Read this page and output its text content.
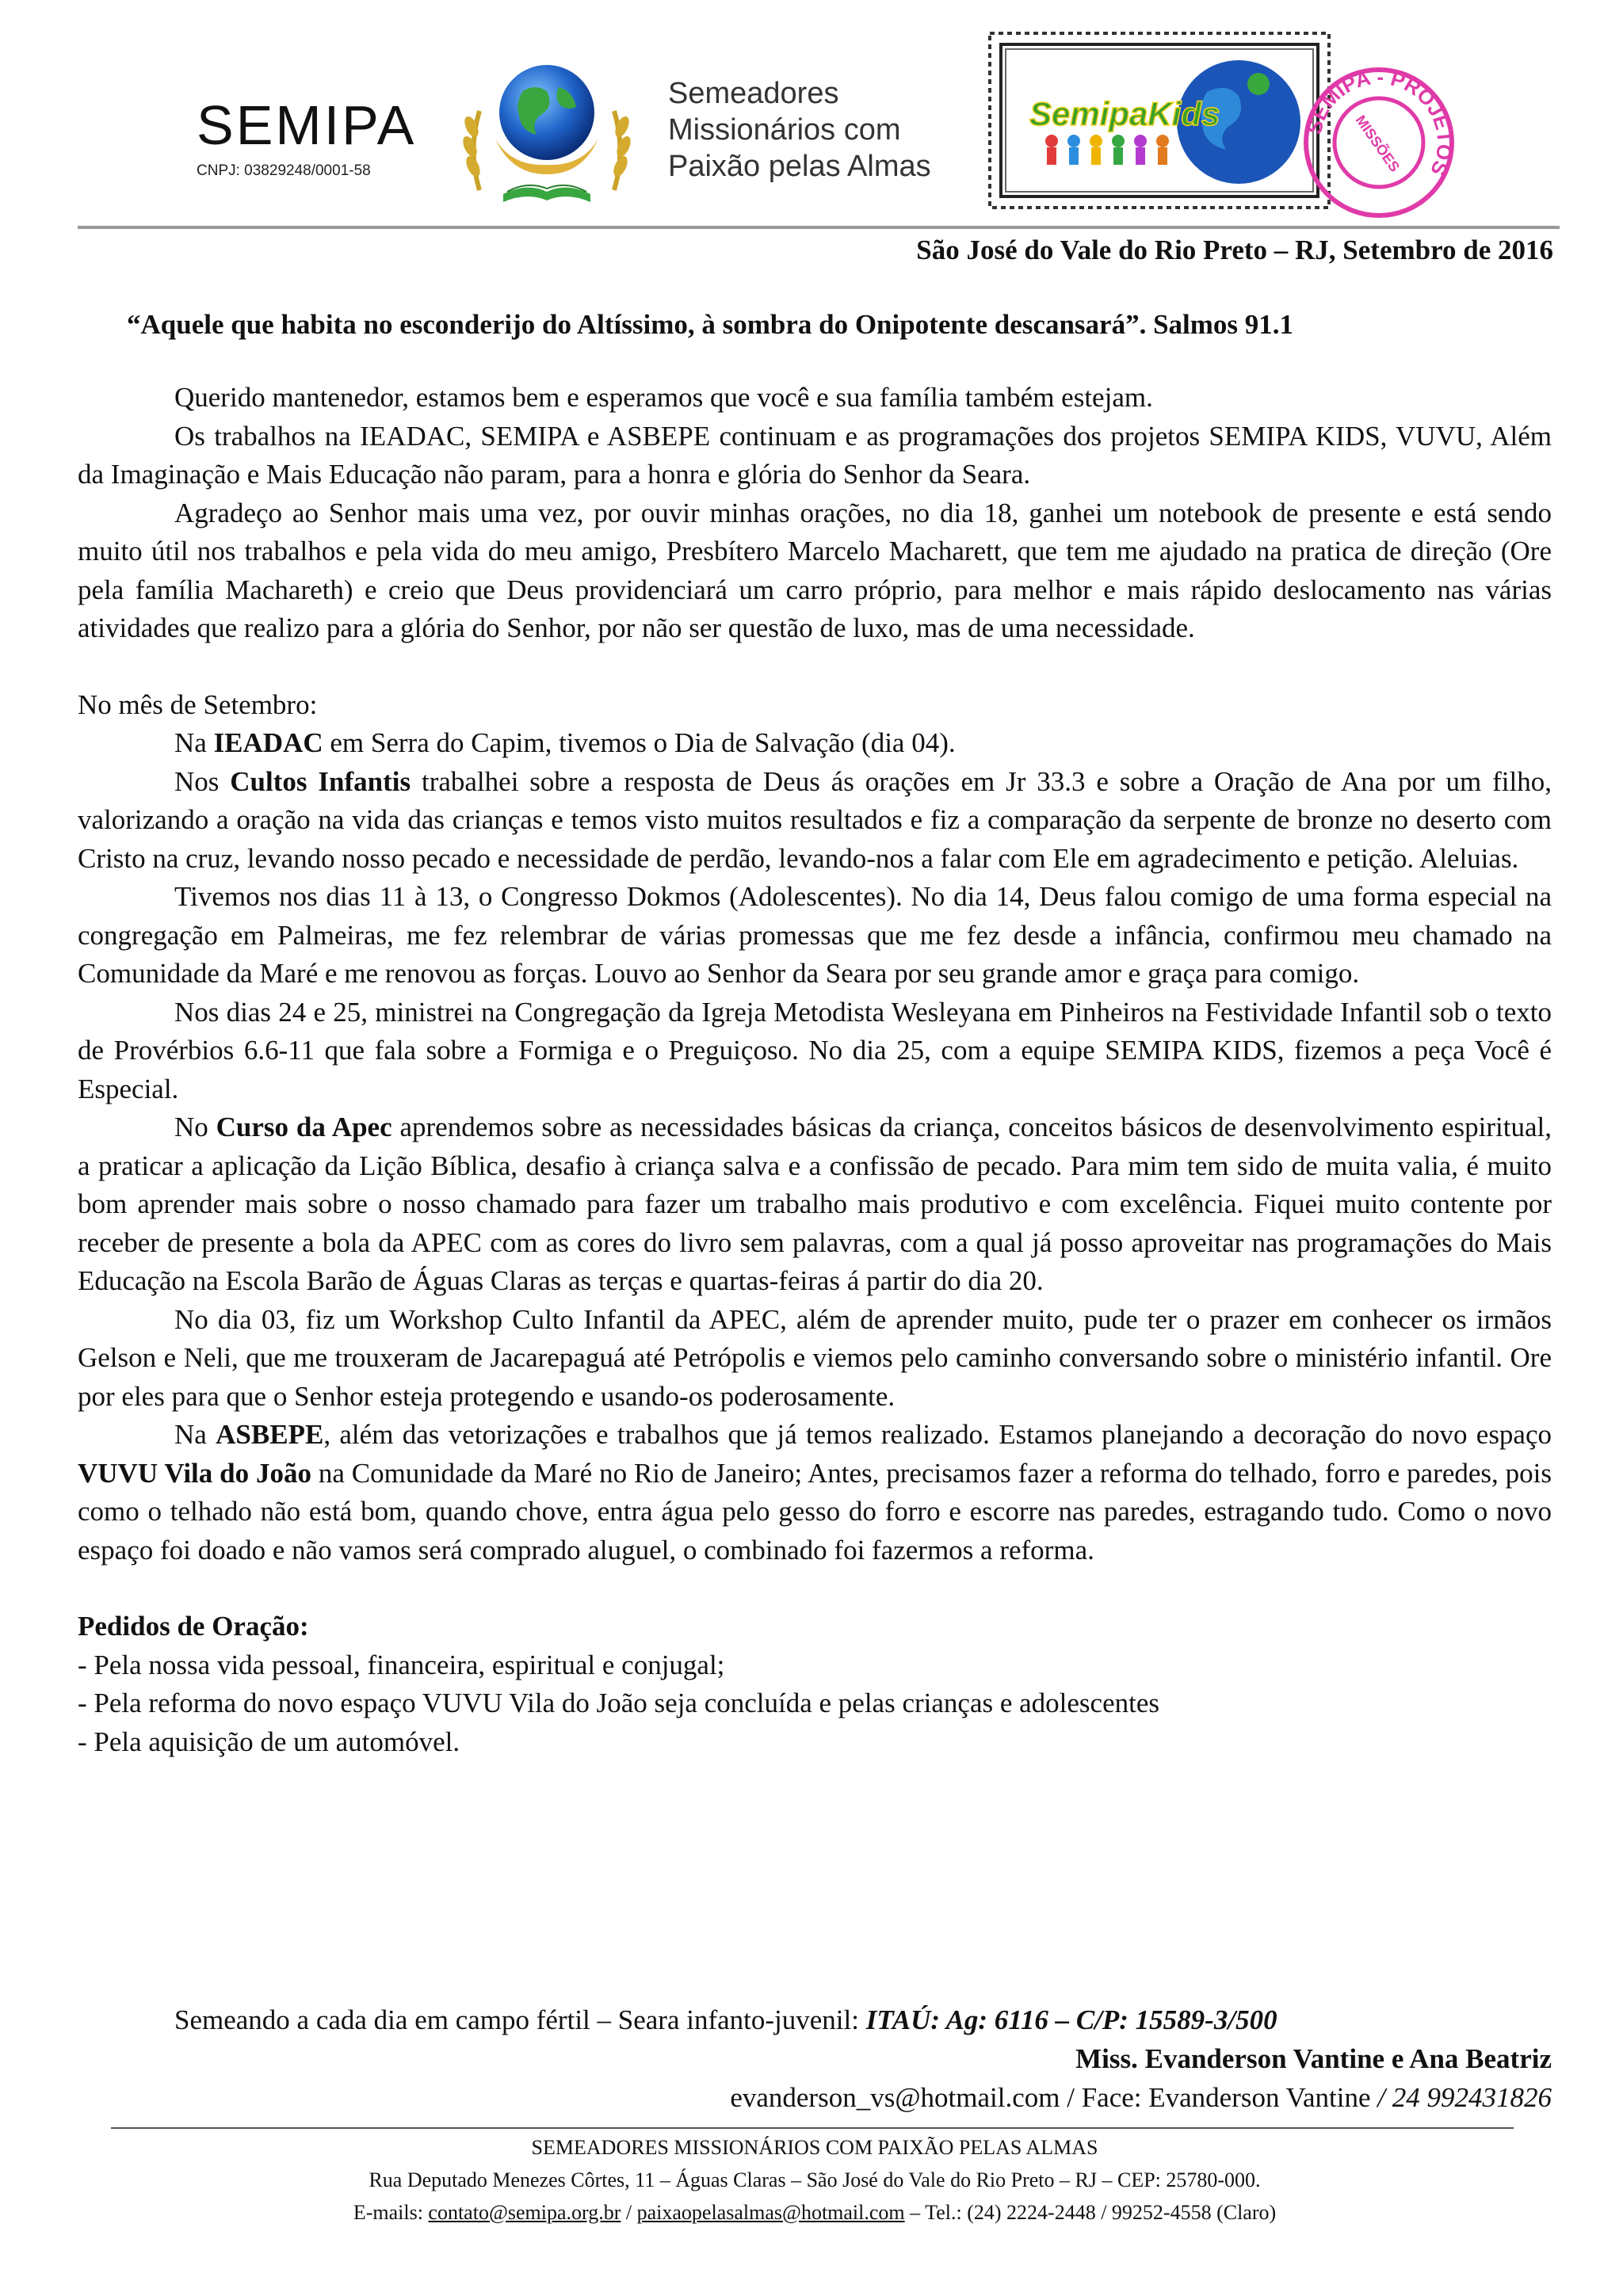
SEMIPA
CNPJ: 03829248/0001-58
Semeadores
Missionários com
Paixão pelas Almas
SemipaKids	SEMIPA - PROJETOS
MISSÕES
São José do Vale do Rio Preto – RJ, Setembro de 2016
“Aquele que habita no esconderijo do Altíssimo, à sombra do Onipotente descansará”. Salmos 91.1

Querido mantenedor, estamos bem e esperamos que você e sua família também estejam.

Os trabalhos na IEADAC, SEMIPA e ASBEPE continuam e as programações dos projetos SEMIPA KIDS, VUVU, Além da Imaginação e Mais Educação não param, para a honra e glória do Senhor da Seara.

Agradeço ao Senhor mais uma vez, por ouvir minhas orações, no dia 18, ganhei um notebook de presente e está sendo muito útil nos trabalhos e pela vida do meu amigo, Presbítero Marcelo Macharett, que tem me ajudado na pratica de direção (Ore pela família Machareth) e creio que Deus providenciará um carro próprio, para melhor e mais rápido deslocamento nas várias atividades que realizo para a glória do Senhor, por não ser questão de luxo, mas de uma necessidade.

No mês de Setembro:

Na IEADAC em Serra do Capim, tivemos o Dia de Salvação (dia 04).

Nos Cultos Infantis trabalhei sobre a resposta de Deus ás orações em Jr 33.3 e sobre a Oração de Ana por um filho, valorizando a oração na vida das crianças e temos visto muitos resultados e fiz a comparação da serpente de bronze no deserto com Cristo na cruz, levando nosso pecado e necessidade de perdão, levando-nos a falar com Ele em agradecimento e petição. Aleluias.

Tivemos nos dias 11 à 13, o Congresso Dokmos (Adolescentes). No dia 14, Deus falou comigo de uma forma especial na congregação em Palmeiras, me fez relembrar de várias promessas que me fez desde a infância, confirmou meu chamado na Comunidade da Maré e me renovou as forças. Louvo ao Senhor da Seara por seu grande amor e graça para comigo.

Nos dias 24 e 25, ministrei na Congregação da Igreja Metodista Wesleyana em Pinheiros na Festividade Infantil sob o texto de Provérbios 6.6-11 que fala sobre a Formiga e o Preguiçoso. No dia 25, com a equipe SEMIPA KIDS, fizemos a peça Você é Especial.

No Curso da Apec aprendemos sobre as necessidades básicas da criança, conceitos básicos de desenvolvimento espiritual, a praticar a aplicação da Lição Bíblica, desafio à criança salva e a confissão de pecado. Para mim tem sido de muita valia, é muito bom aprender mais sobre o nosso chamado para fazer um trabalho mais produtivo e com excelência. Fiquei muito contente por receber de presente a bola da APEC com as cores do livro sem palavras, com a qual já posso aproveitar nas programações do Mais Educação na Escola Barão de Águas Claras as terças e quartas-feiras á partir do dia 20.

No dia 03, fiz um Workshop Culto Infantil da APEC, além de aprender muito, pude ter o prazer em conhecer os irmãos Gelson e Neli, que me trouxeram de Jacarepaguá até Petrópolis e viemos pelo caminho conversando sobre o ministério infantil. Ore por eles para que o Senhor esteja protegendo e usando-os poderosamente.

Na ASBEPE, além das vetorizações e trabalhos que já temos realizado. Estamos planejando a decoração do novo espaço VUVU Vila do João na Comunidade da Maré no Rio de Janeiro; Antes, precisamos fazer a reforma do telhado, forro e paredes, pois como o telhado não está bom, quando chove, entra água pelo gesso do forro e escorre nas paredes, estragando tudo. Como o novo espaço foi doado e não vamos será comprado aluguel, o combinado foi fazermos a reforma.

Pedidos de Oração:

- Pela nossa vida pessoal, financeira, espiritual e conjugal;

- Pela reforma do novo espaço VUVU Vila do João seja concluída e pelas crianças e adolescentes

- Pela aquisição de um automóvel.

Semeando a cada dia em campo fértil – Seara infanto-juvenil: ITAÚ: Ag: 6116 – C/P: 15589-3/500
Miss. Evanderson Vantine e Ana Beatriz
evanderson_vs@hotmail.com / Face: Evanderson Vantine / 24 992431826
SEMEADORES MISSIONÁRIOS COM PAIXÃO PELAS ALMAS
Rua Deputado Menezes Côrtes, 11 – Águas Claras – São José do Vale do Rio Preto – RJ – CEP: 25780-000.
E-mails: contato@semipa.org.br / paixaopelasalmas@hotmail.com – Tel.: (24) 2224-2448 / 99252-4558 (Claro)
